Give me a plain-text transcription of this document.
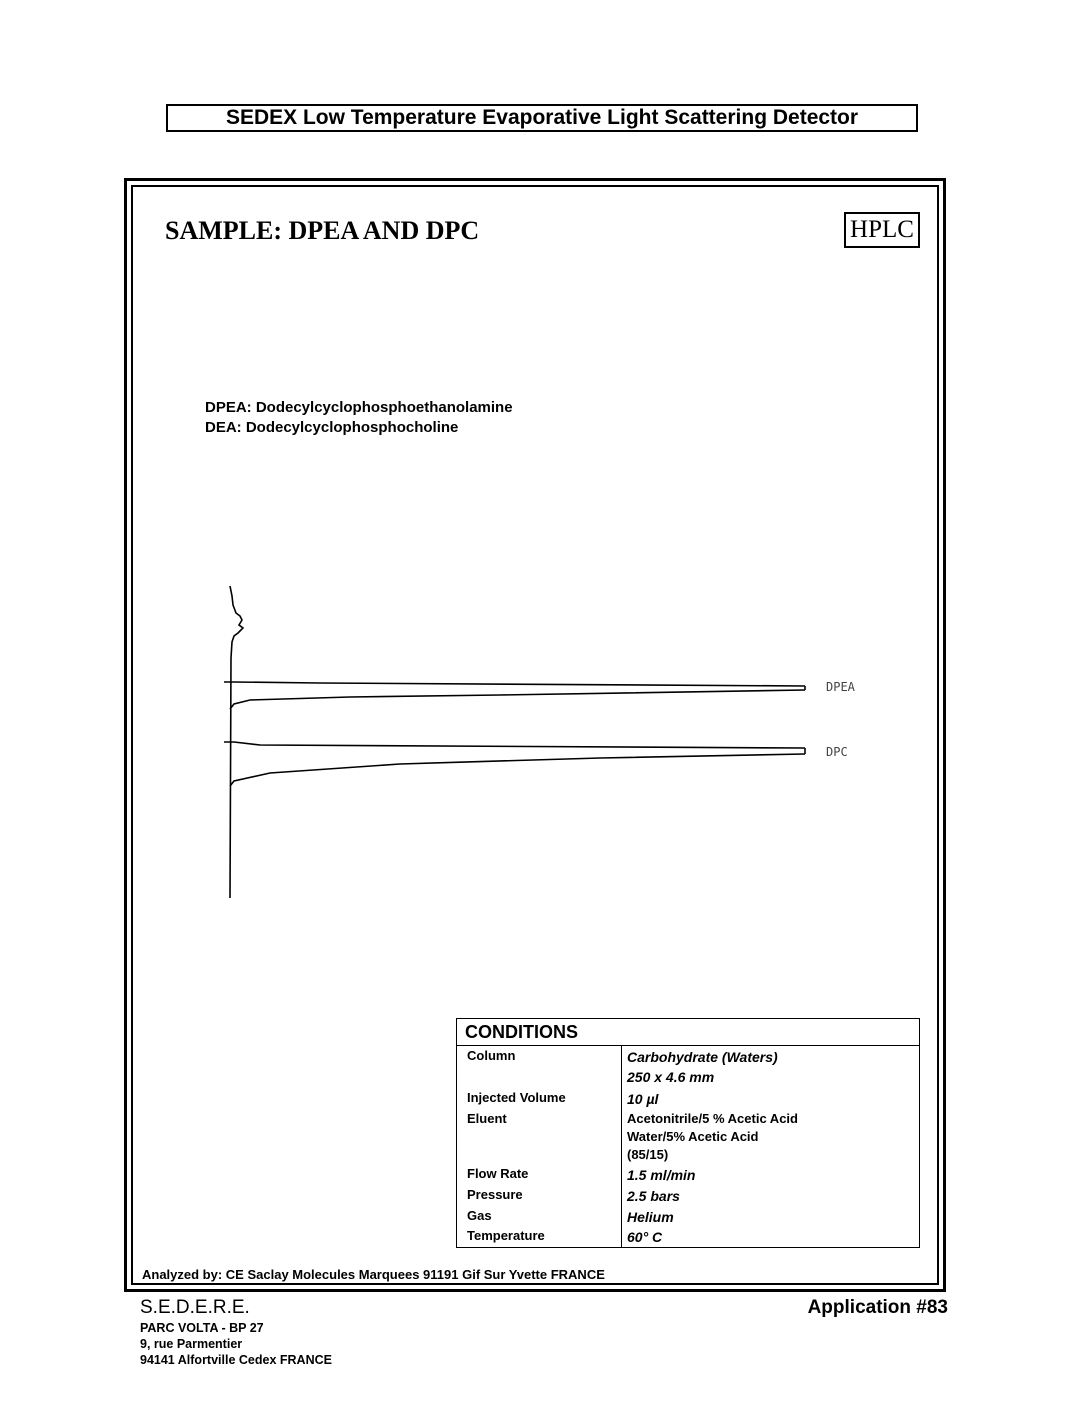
SEDEX Low Temperature Evaporative Light Scattering Detector
SAMPLE: DPEA AND DPC	HPLC
DPEA: Dodecylcyclophosphoethanolamine
DEA: Dodecylcyclophosphocholine
DPEA
DPC
CONDITIONS
Column	Carbohydrate (Waters)
250 x 4.6 mm
Injected Volume	10 µl
Eluent	Acetonitrile/5 % Acetic Acid
Water/5% Acetic Acid
(85/15)
Flow Rate	1.5 ml/min
Pressure	2.5 bars
Gas	Helium
Temperature	60° C
Analyzed by: CE Saclay Molecules Marquees 91191 Gif Sur Yvette FRANCE
S.E.D.E.R.E.
PARC VOLTA - BP 27
9, rue Parmentier
94141 Alfortville Cedex FRANCE
Application #83
